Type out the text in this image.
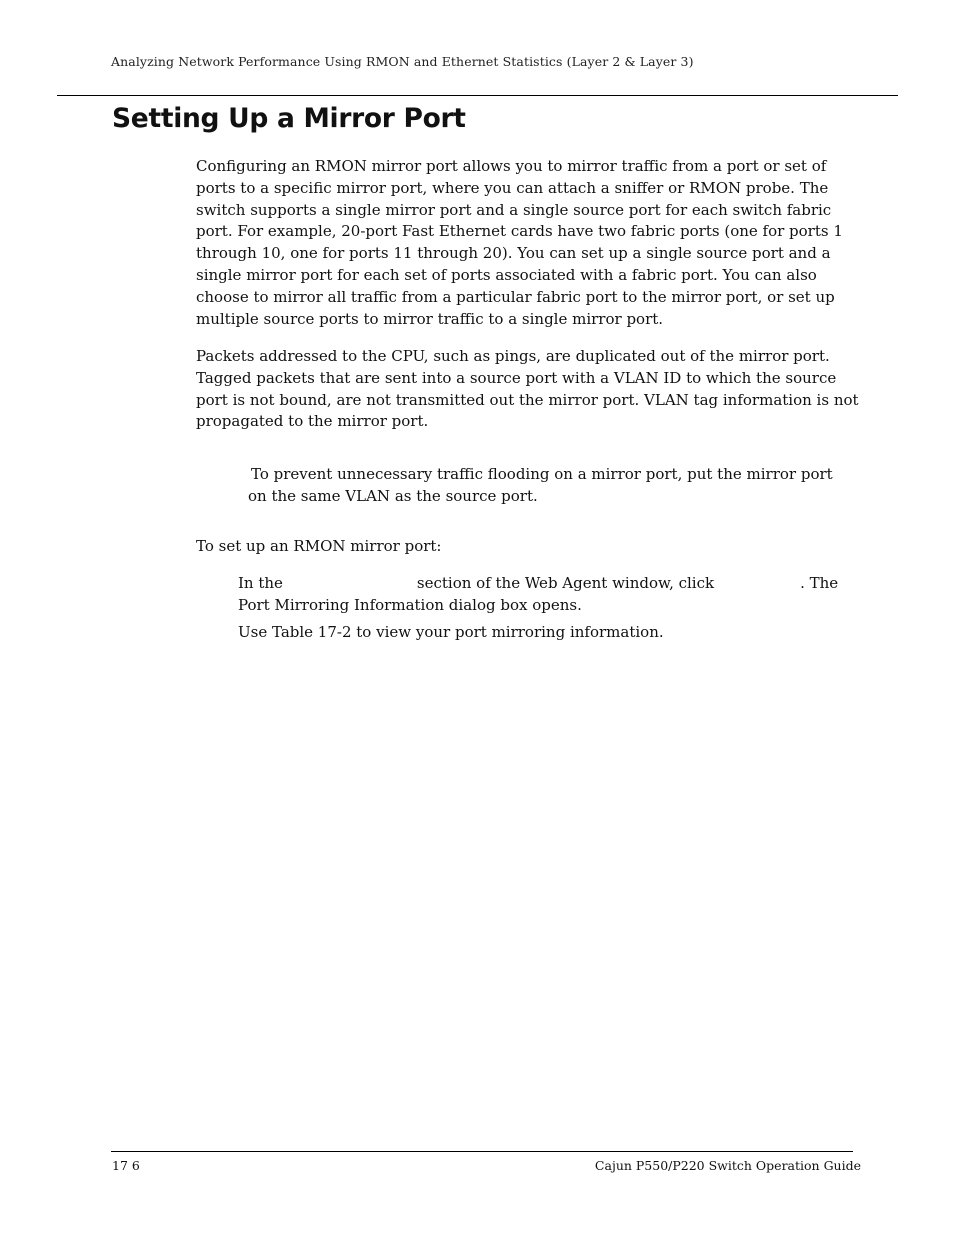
Analyzing Network Performance Using RMON and Ethernet Statistics (Layer 2 & Layer 3)
Setting Up a Mirror Port

Configuring an RMON mirror port allows you to mirror traffic from a port or set of ports to a specific mirror port, where you can attach a sniffer or RMON probe. The switch supports a single mirror port and a single source port for each switch fabric port. For example, 20-port Fast Ethernet cards have two fabric ports (one for ports 1 through 10, one for ports 11 through 20). You can set up a single source port and a single mirror port for each set of ports associated with a fabric port. You can also choose to mirror all traffic from a particular fabric port to the mirror port, or set up multiple source ports to mirror traffic to a single mirror port.

Packets addressed to the CPU, such as pings, are duplicated out of the mirror port. Tagged packets that are sent into a source port with a VLAN ID to which the source port is not bound, are not transmitted out the mirror port. VLAN tag information is not propagated to the mirror port.

To prevent unnecessary traffic flooding on a mirror port, put the mirror port
on the same VLAN as the source port.

To set up an RMON mirror port:

In the	section of the Web Agent window, click	. The
Port Mirroring Information dialog box opens.
Use Table 17-2 to view your port mirroring information.
17 6	Cajun P550/P220 Switch Operation Guide
